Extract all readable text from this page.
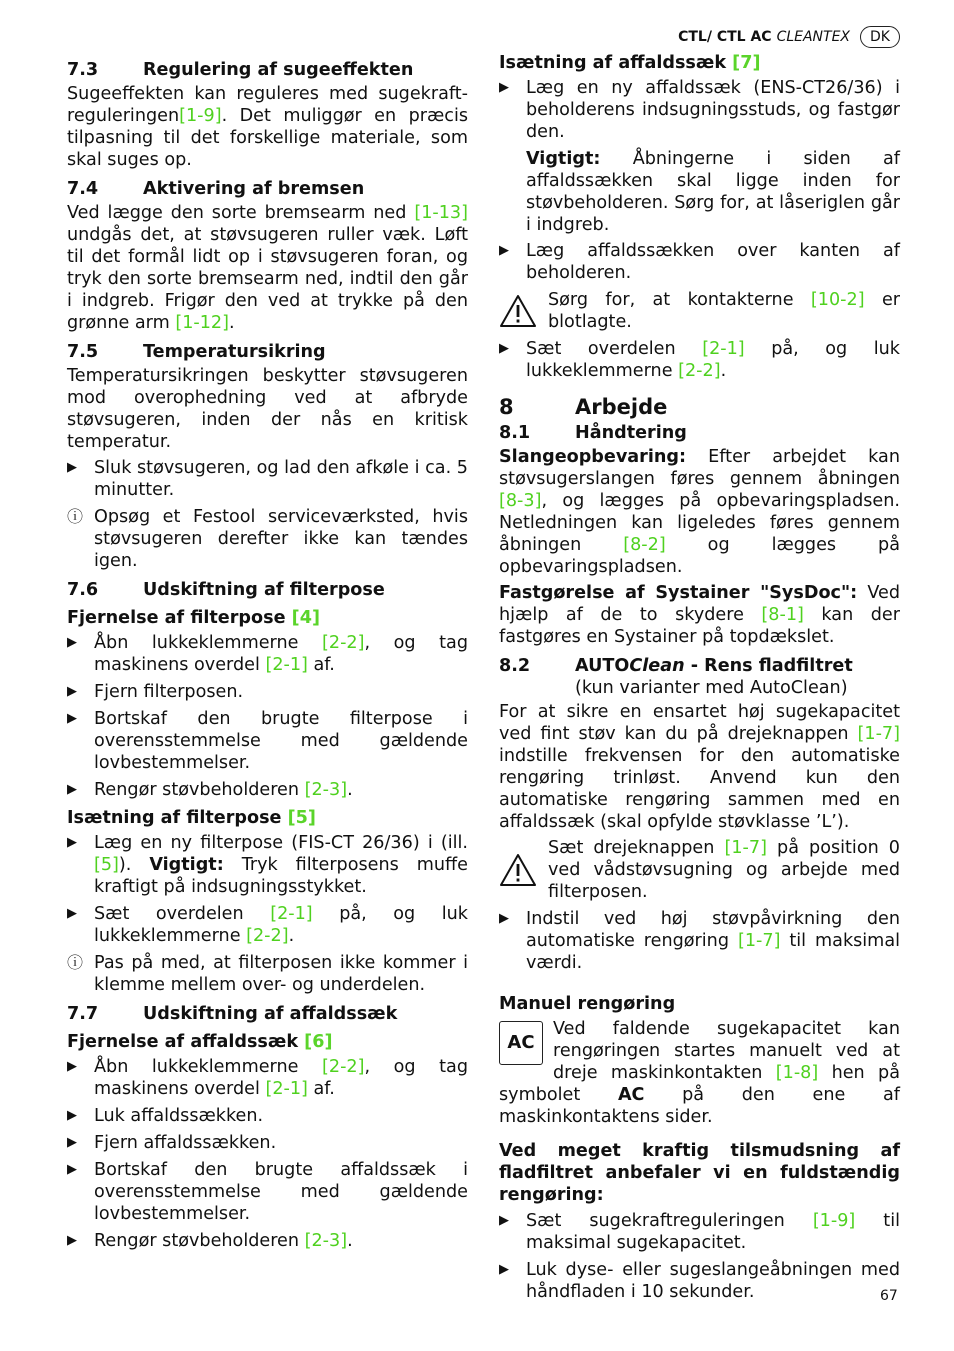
CTL/ CTL AC CLEANTEX	DK
7.3	Regulering af sugeeffekten

Sugeeffekten kan reguleres med sugekraft-reguleringen[1-9]. Det muliggør en præcis tilpasning til det forskellige materiale, som skal suges op.

7.4	Aktivering af bremsen

Ved lægge den sorte bremsearm ned [1-13] undgås det, at støvsugeren ruller væk. Løft til det formål lidt op i støvsugeren foran, og tryk den sorte bremsearm ned, indtil den går i indgreb. Frigør den ved at trykke på den grønne arm [1-12].

7.5	Temperatursikring

Temperatursikringen beskytter støvsugeren mod overophedning ved at afbryde støvsugeren, inden der nås en kritisk temperatur.

▶ Sluk støvsugeren, og lad den afkøle i ca. 5 minutter.
ⓘ Opsøg et Festool serviceværksted, hvis støvsugeren derefter ikke kan tændes igen.
7.6	Udskiftning af filterpose
Fjernelse af filterpose [4]
▶ Åbn lukkeklemmerne [2-2], og tag maskinens overdel [2-1] af.
▶ Fjern filterposen.
▶ Bortskaf den brugte filterpose i overensstemmelse med gældende lovbestemmelser.
▶ Rengør støvbeholderen [2-3].
Isætning af filterpose [5]
▶ Læg en ny filterpose (FIS-CT 26/36) i (ill. [5]). Vigtigt: Tryk filterposens muffe kraftigt på indsugningsstykket.
▶ Sæt overdelen [2-1] på, og luk lukkeklemmerne [2-2].
ⓘ Pas på med, at filterposen ikke kommer i klemme mellem over- og underdelen.
7.7	Udskiftning af affaldssæk
Fjernelse af affaldssæk [6]
▶ Åbn lukkeklemmerne [2-2], og tag maskinens overdel [2-1] af.
▶ Luk affaldssækken.
▶ Fjern affaldssækken.
▶ Bortskaf den brugte affaldssæk i overensstemmelse med gældende lovbestemmelser.
▶ Rengør støvbeholderen [2-3].
Isætning af affaldssæk [7]
▶ Læg en ny affaldssæk (ENS-CT26/36) i beholderens indsugningsstuds, og fastgør den.
Vigtigt: Åbningerne i siden af affaldssækken skal ligge inden for støvbeholderen. Sørg for, at låseriglen går i indgreb.
▶ Læg affaldssækken over kanten af beholderen.
Sørg for, at kontakterne [10-2] er blotlagte.
▶ Sæt overdelen [2-1] på, og luk lukkeklemmerne [2-2].
8	Arbejde
8.1	Håndtering

Slangeopbevaring: Efter arbejdet kan støvsugerslangen føres gennem åbningen [8-3], og lægges på opbevaringspladsen. Netledningen kan ligeledes føres gennem åbningen [8-2] og lægges på opbevaringspladsen.

Fastgørelse af Systainer "SysDoc": Ved hjælp af de to skydere [8-1] kan der fastgøres en Systainer på topdækslet.

8.2	AUTOClean - Rens fladfiltret
(kun varianter med AutoClean)

For at sikre en ensartet høj sugekapacitet ved fint støv kan du på drejeknappen [1-7] indstille frekvensen for den automatiske rengøring trinløst. Anvend kun den automatiske rengøring sammen med en affaldssæk (skal opfylde støvklasse ’L’).

Sæt drejeknappen [1-7] på position 0 ved vådstøvsugning og arbejde med filterposen.
▶ Indstil ved høj støvpåvirkning den automatiske rengøring [1-7] til maksimal værdi.
Manuel rengøring
AC
Ved faldende sugekapacitet kan rengøringen startes manuelt ved at dreje maskinkontakten [1-8] hen på symbolet AC på den ene af maskinkontaktens sider.

Ved meget kraftig tilsmudsning af fladfiltret anbefaler vi en fuldstændig rengøring:

▶ Sæt sugekraftreguleringen [1-9] til maksimal sugekapacitet.
▶ Luk dyse- eller sugeslangeåbningen med håndfladen i 10 sekunder.	67
